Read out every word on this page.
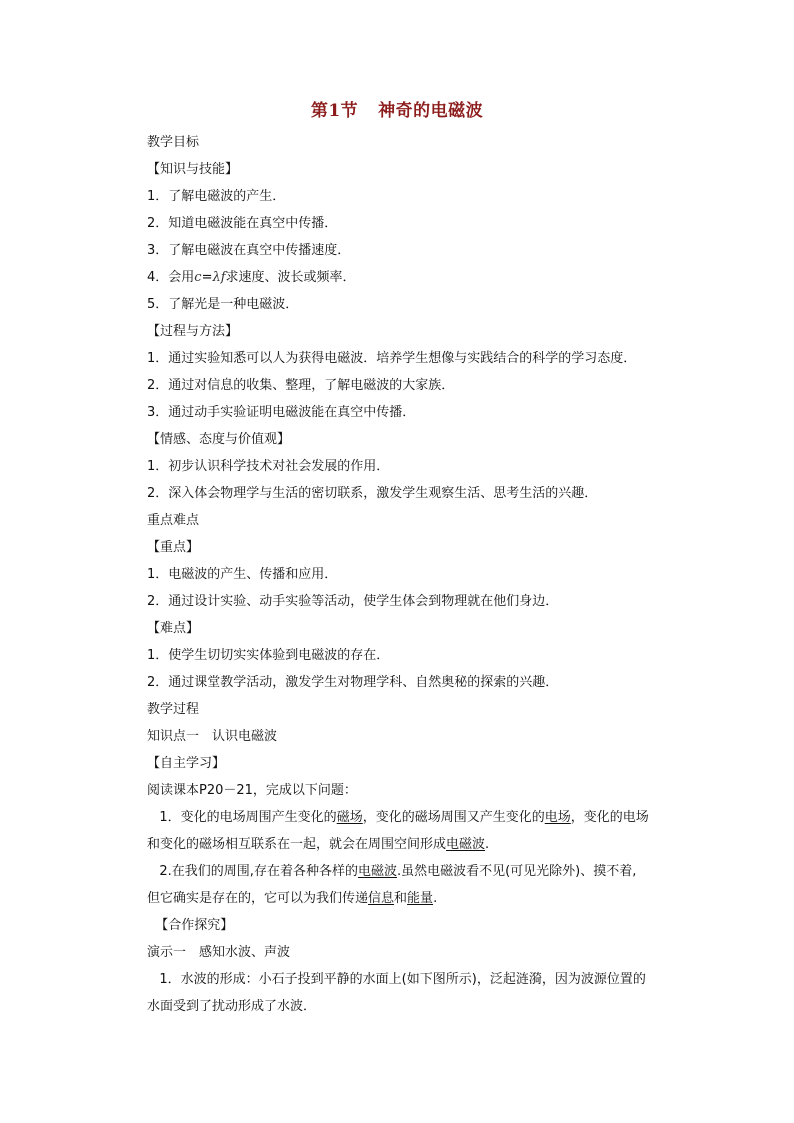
第1节 神奇的电磁波
教学目标
【知识与技能】
1．了解电磁波的产生．
2．知道电磁波能在真空中传播．
3．了解电磁波在真空中传播速度．
4．会用c=λf求速度、波长或频率．
5．了解光是一种电磁波．
【过程与方法】
1．通过实验知悉可以人为获得电磁波．培养学生想像与实践结合的科学的学习态度．
2．通过对信息的收集、整理，了解电磁波的大家族．
3．通过动手实验证明电磁波能在真空中传播．
【情感、态度与价值观】
1．初步认识科学技术对社会发展的作用．
2．深入体会物理学与生活的密切联系，激发学生观察生活、思考生活的兴趣．
重点难点
【重点】
1．电磁波的产生、传播和应用．
2．通过设计实验、动手实验等活动，使学生体会到物理就在他们身边．
【难点】
1．使学生切切实实体验到电磁波的存在．
2．通过课堂教学活动，激发学生对物理学科、自然奥秘的探索的兴趣．
教学过程
知识点一　认识电磁波
【自主学习】
阅读课本P20－21，完成以下问题：
1．变化的电场周围产生变化的磁场，变化的磁场周围又产生变化的电场，变化的电场
和变化的磁场相互联系在一起，就会在周围空间形成电磁波.
2.在我们的周围,存在着各种各样的电磁波.虽然电磁波看不见(可见光除外)、摸不着,
但它确实是存在的，它可以为我们传递信息和能量.
【合作探究】
演示一　感知水波、声波
1．水波的形成：小石子投到平静的水面上(如下图所示)，泛起涟漪，因为波源位置的
水面受到了扰动形成了水波．
